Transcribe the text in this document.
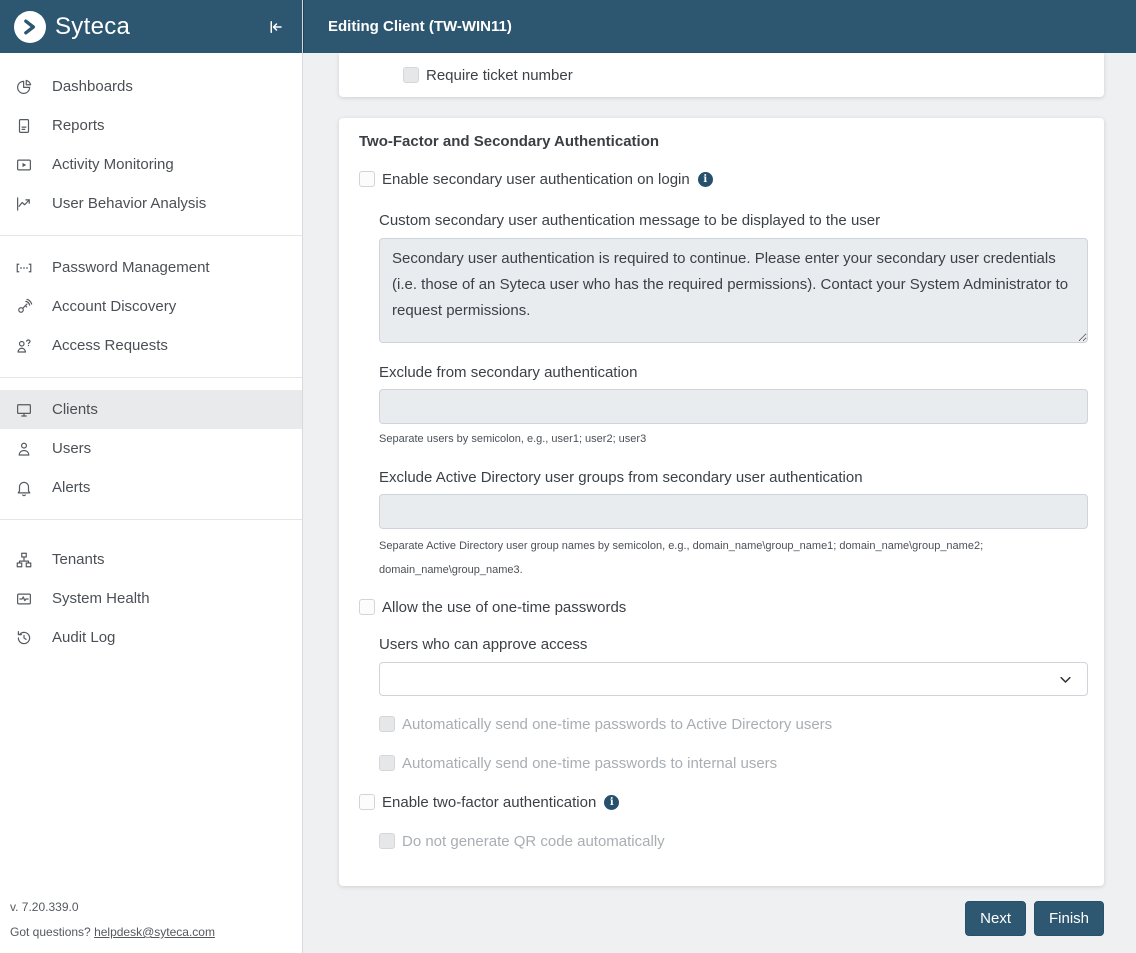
Syteca
Dashboards
Reports
Activity Monitoring
User Behavior Analysis
Password Management
Account Discovery
Access Requests
Clients
Users
Alerts
Tenants
System Health
Audit Log
v. 7.20.339.0
Got questions? helpdesk@syteca.com
Editing Client (TW-WIN11)
Require ticket number
Two-Factor and Secondary Authentication
Enable secondary user authentication on login
i
Custom secondary user authentication message to be displayed to the user
Secondary user authentication is required to continue. Please enter your secondary user credentials (i.e. those of an Syteca user who has the required permissions). Contact your System Administrator to request permissions.
Exclude from secondary authentication
Separate users by semicolon, e.g., user1; user2; user3
Exclude Active Directory user groups from secondary user authentication
Separate Active Directory user group names by semicolon, e.g., domain_name\group_name1; domain_name\group_name2;
domain_name\group_name3.
Allow the use of one-time passwords
Users who can approve access
Automatically send one-time passwords to Active Directory users
Automatically send one-time passwords to internal users
Enable two-factor authentication
i
Do not generate QR code automatically
Next	Finish
